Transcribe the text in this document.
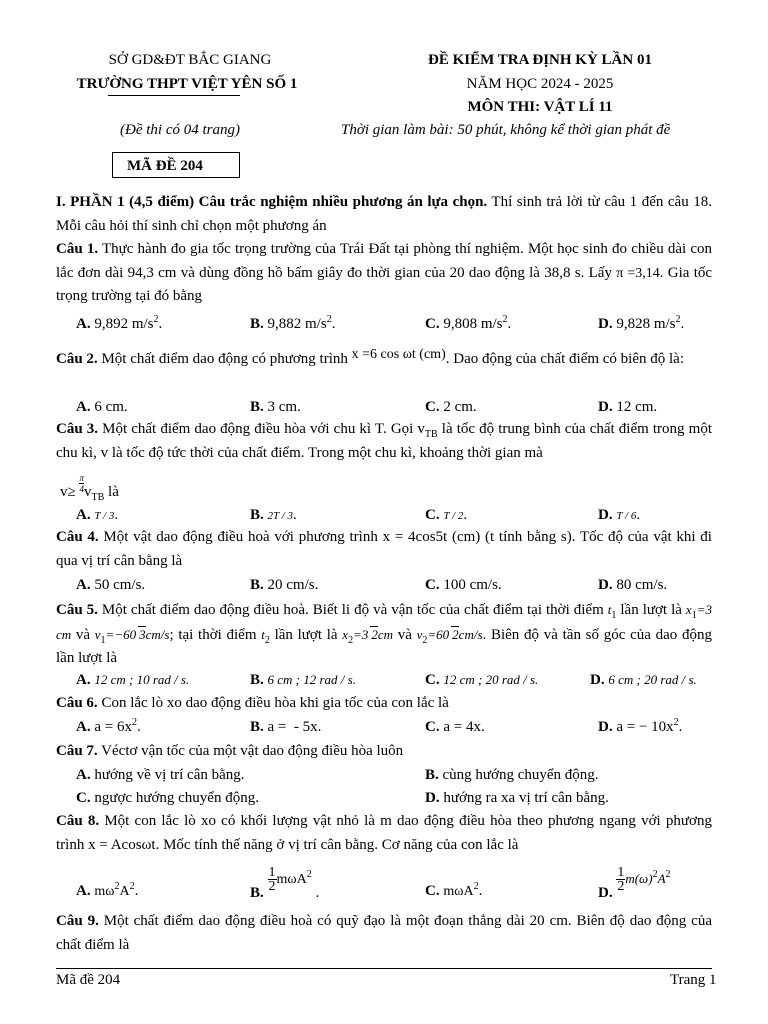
SỞ GD&ĐT BẮC GIANG
TRƯỜNG THPT VIỆT YÊN SỐ 1
(Đề thi có 04 trang)
ĐỀ KIỂM TRA ĐỊNH KỲ LẦN 01
NĂM HỌC 2024 - 2025
MÔN THI: VẬT LÍ 11
Thời gian làm bài: 50 phút, không kể thời gian phát đề
MÃ ĐỀ 204
I. PHẦN 1 (4,5 điểm) Câu trắc nghiệm nhiều phương án lựa chọn. Thí sinh trả lời từ câu 1 đến câu 18. Mỗi câu hỏi thí sinh chỉ chọn một phương án
Câu 1. Thực hành đo gia tốc trọng trường của Trái Đất tại phòng thí nghiệm. Một học sinh đo chiều dài con lắc đơn dài 94,3 cm và dùng đồng hồ bấm giây đo thời gian của 20 dao động là 38,8 s. Lấy π =3,14. Gia tốc trọng trường tại đó bằng
A. 9,892 $m/s^2$.	B. 9,882 $m/s^2$.	C. 9,808 $m/s^2$.	D. 9,828 $m/s^2$.
Câu 2. Một chất điểm dao động có phương trình x =6 cos ωt (cm). Dao động của chất điểm có biên độ là:
A. 6 cm.	B. 3 cm.	C. 2 cm.	D. 12 cm.
Câu 3. Một chất điểm dao động điều hòa với chu kì T. Gọi $v_{TB}$ là tốc độ trung bình của chất điểm trong một chu kì, v là tốc độ tức thời của chất điểm. Trong một chu kì, khoảng thời gian mà
$v\ge \frac{\pi}{4}v_{TB}$ là
A. T / 3.	B. 2T / 3.	C. T / 2.	D. T / 6.
Câu 4. Một vật dao động điều hoà với phương trình x = 4cos5t (cm) (t tính bằng s). Tốc độ của vật khi đi qua vị trí cân bằng là
A. 50 cm/s.	B. 20 cm/s.	C. 100 cm/s.	D. 80 cm/s.
Câu 5. Một chất điểm dao động điều hoà. Biết li độ và vận tốc của chất điểm tại thời điểm $t_1$ lần lượt là $x_1=3$ cm và $v_1=-60$ 3cm/s; tại thời điểm $t_2$ lần lượt là $x_2=3$ 2cm và $v_2=60$ 2cm/s. Biên độ và tần số góc của dao động lần lượt là
A. 12 cm ; 10 rad / s.	B. 6 cm ; 12 rad / s.	C. 12 cm ; 20 rad / s.	D. 6 cm ; 20 rad / s.
Câu 6. Con lắc lò xo dao động điều hòa khi gia tốc của con lắc là
A. $a = 6x^2$.	B. a =  - 5x.	C. a = 4x.	D. a = − $10x^2$.
Câu 7. Véctơ vận tốc của một vật dao động điều hòa luôn
A. hướng về vị trí cân bằng.	B. cùng hướng chuyển động.
C. ngược hướng chuyển động.	D. hướng ra xa vị trí cân bằng.
Câu 8. Một con lắc lò xo có khối lượng vật nhỏ là m dao động điều hòa theo phương ngang với phương trình x = Acosωt. Mốc tính thế năng ở vị trí cân bằng. Cơ năng của con lắc là
A. $m\omega^2A^2$.	B. $\frac{1}{2} m\omega A^2$ .	C. mωA$^2$.	D. $\frac{1}{2} m(\omega)^2A^2$
Câu 9. Một chất điểm dao động điều hoà có quỹ đạo là một đoạn thẳng dài 20 cm. Biên độ dao động của chất điểm là
Mã đề 204	Trang 1
